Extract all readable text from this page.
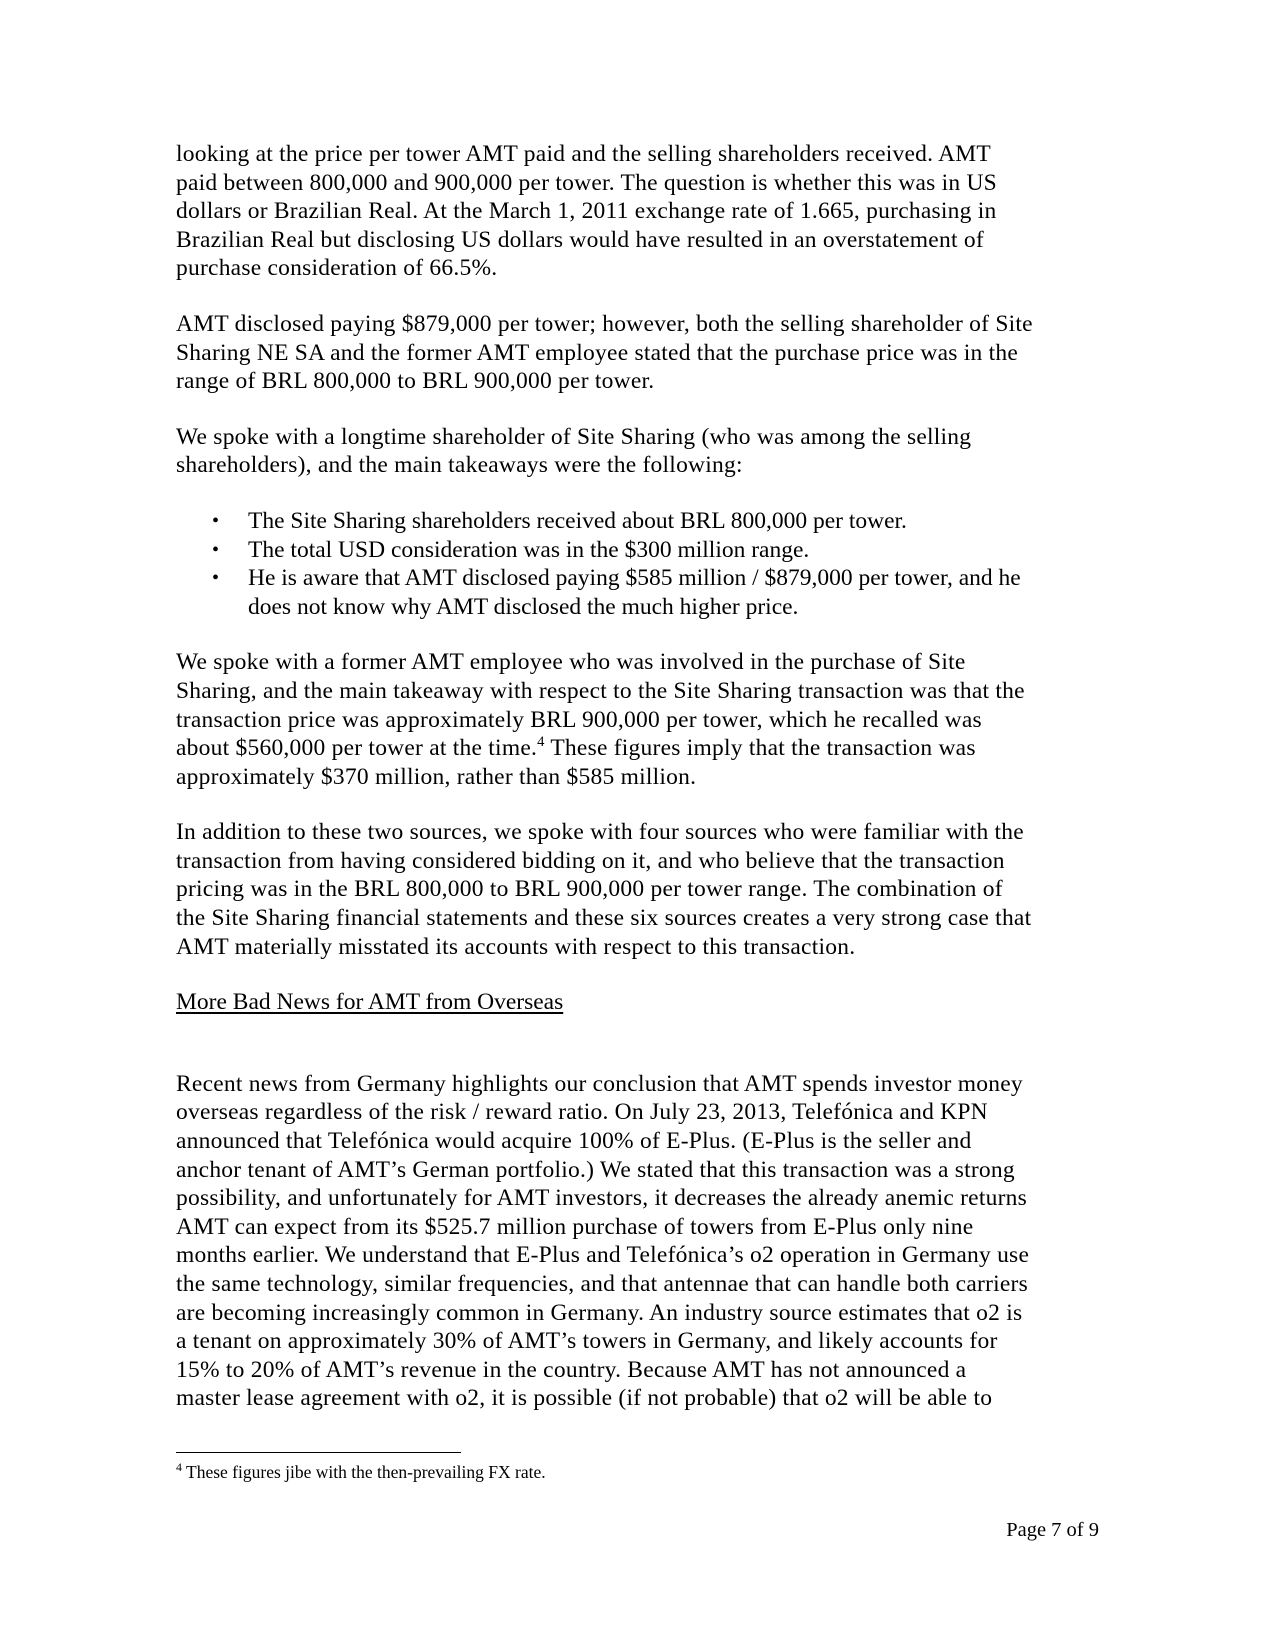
looking at the price per tower AMT paid and the selling shareholders received. AMT paid between 800,000 and 900,000 per tower. The question is whether this was in US dollars or Brazilian Real. At the March 1, 2011 exchange rate of 1.665, purchasing in Brazilian Real but disclosing US dollars would have resulted in an overstatement of purchase consideration of 66.5%.

AMT disclosed paying $879,000 per tower; however, both the selling shareholder of Site Sharing NE SA and the former AMT employee stated that the purchase price was in the range of BRL 800,000 to BRL 900,000 per tower.

We spoke with a longtime shareholder of Site Sharing (who was among the selling shareholders), and the main takeaways were the following:

• The Site Sharing shareholders received about BRL 800,000 per tower.
• The total USD consideration was in the $300 million range.
• He is aware that AMT disclosed paying $585 million / $879,000 per tower, and he does not know why AMT disclosed the much higher price.

We spoke with a former AMT employee who was involved in the purchase of Site Sharing, and the main takeaway with respect to the Site Sharing transaction was that the transaction price was approximately BRL 900,000 per tower, which he recalled was about $560,000 per tower at the time.$^4$ These figures imply that the transaction was approximately $370 million, rather than $585 million.

In addition to these two sources, we spoke with four sources who were familiar with the transaction from having considered bidding on it, and who believe that the transaction pricing was in the BRL 800,000 to BRL 900,000 per tower range. The combination of the Site Sharing financial statements and these six sources creates a very strong case that AMT materially misstated its accounts with respect to this transaction.

More Bad News for AMT from Overseas

Recent news from Germany highlights our conclusion that AMT spends investor money overseas regardless of the risk / reward ratio. On July 23, 2013, Telefónica and KPN announced that Telefónica would acquire 100% of E-Plus. (E-Plus is the seller and anchor tenant of AMT’s German portfolio.) We stated that this transaction was a strong possibility, and unfortunately for AMT investors, it decreases the already anemic returns AMT can expect from its $525.7 million purchase of towers from E-Plus only nine months earlier. We understand that E-Plus and Telefónica’s o2 operation in Germany use the same technology, similar frequencies, and that antennae that can handle both carriers are becoming increasingly common in Germany. An industry source estimates that o2 is a tenant on approximately 30% of AMT’s towers in Germany, and likely accounts for 15% to 20% of AMT’s revenue in the country. Because AMT has not announced a master lease agreement with o2, it is possible (if not probable) that o2 will be able to

$^4$ These figures jibe with the then-prevailing FX rate.

Page 7 of 9
